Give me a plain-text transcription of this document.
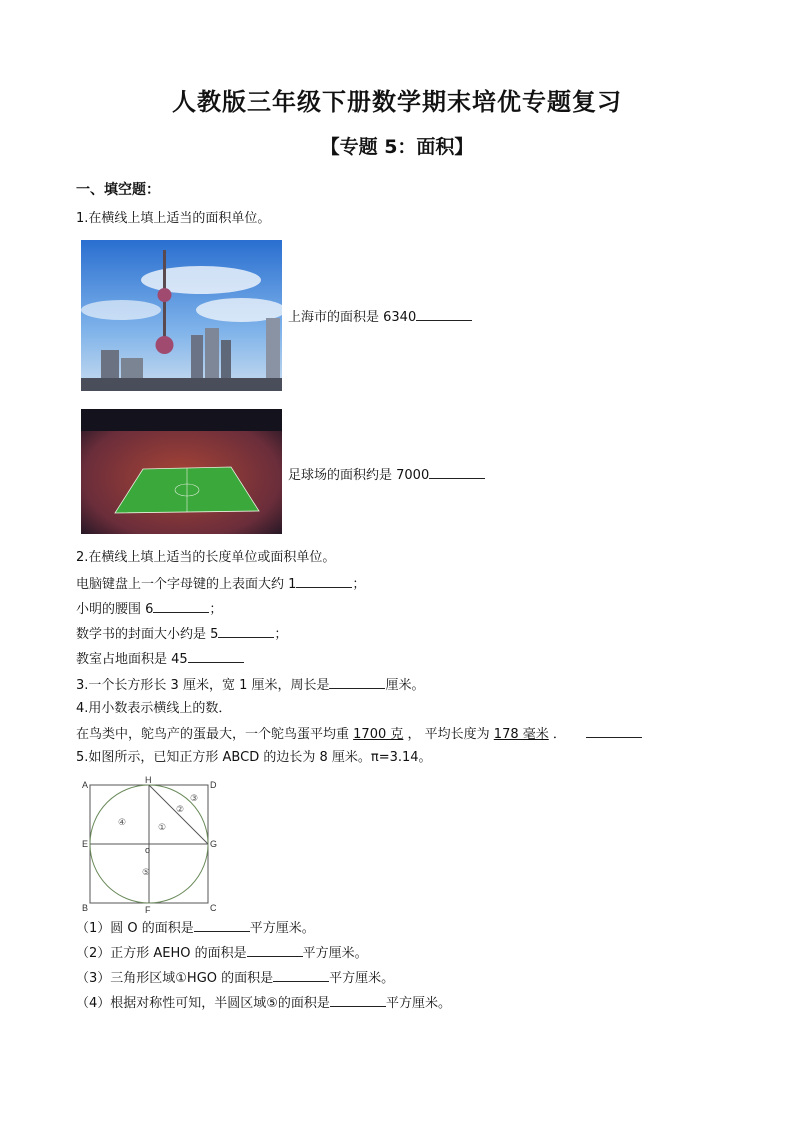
人教版三年级下册数学期末培优专题复习
【专题 5：面积】
一、填空题：
1.在横线上填上适当的面积单位。
上海市的面积是 6340
足球场的面积约是 7000
2.在横线上填上适当的长度单位或面积单位。
电脑键盘上一个字母键的上表面大约 1	；
小明的腰围 6	；
数学书的封面大小约是 5	；
教室占地面积是 45
3.一个长方形长 3 厘米，宽 1 厘米，周长是	厘米。
4.用小数表示横线上的数．
在鸟类中，鸵鸟产的蛋最大，一个鸵鸟蛋平均重 1700 克 ， 平均长度为 178 毫米 ．
5.如图所示，已知正方形 ABCD 的边长为 8 厘米。π=3.14。
A	H	D
E
o
G
B	F	C
①
②
③
④
⑤
（1）圆 O 的面积是	平方厘米。
（2）正方形 AEHO 的面积是	平方厘米。
（3）三角形区域①HGO 的面积是	平方厘米。
（4）根据对称性可知，半圆区域⑤的面积是	平方厘米。
